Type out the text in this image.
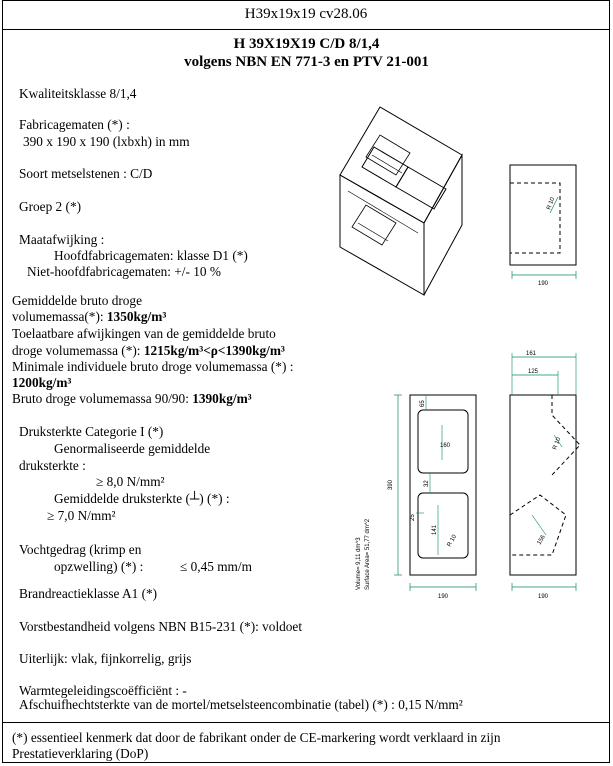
H39x19x19 cv28.06
H 39X19X19 C/D 8/1,4
volgens NBN EN 771-3 en PTV 21-001
Kwaliteitsklasse 8/1,4
Fabricagematen (*) :
390 x 190 x 190 (lxbxh) in mm
Soort metselstenen : C/D
Groep 2 (*)
Maatafwijking :
Hoofdfabricagematen: klasse D1 (*)
Niet-hoofdfabricagematen: +/- 10 %
Gemiddelde bruto droge
volumemassa(*): 1350kg/m³
Toelaatbare afwijkingen van de gemiddelde bruto
droge volumemassa (*): 1215kg/m³<ρ<1390kg/m³
Minimale individuele bruto droge volumemassa (*) :
1200kg/m³
Bruto droge volumemassa 90/90: 1390kg/m³
Druksterkte Categorie I (*)
Genormaliseerde gemiddelde
druksterkte :
≥ 8,0 N/mm²
Gemiddelde druksterkte (┴) (*) :
≥ 7,0 N/mm²
Vochtgedrag (krimp en
opzwelling) (*) :	≤ 0,45 mm/m
Brandreactieklasse A1 (*)
Vorstbestandheid volgens NBN B15-231 (*): voldoet
Uiterlijk: vlak, fijnkorrelig, grijs
Warmtegeleidingscoëfficiënt : -
Afschuifhechtsterkte van de mortel/metselsteencombinatie (tabel) (*) : 0,15 N/mm²
(*) essentieel kenmerk dat door de fabrikant onder de CE-markering wordt verklaard in zijn
Prestatieverklaring (DoP)
190
R 10
161
125
390
190	190
65
160
32
141
25
R 10
R 10
156
Volume= 9,11 dm^3 Surface Area= 51,77 dm^2
